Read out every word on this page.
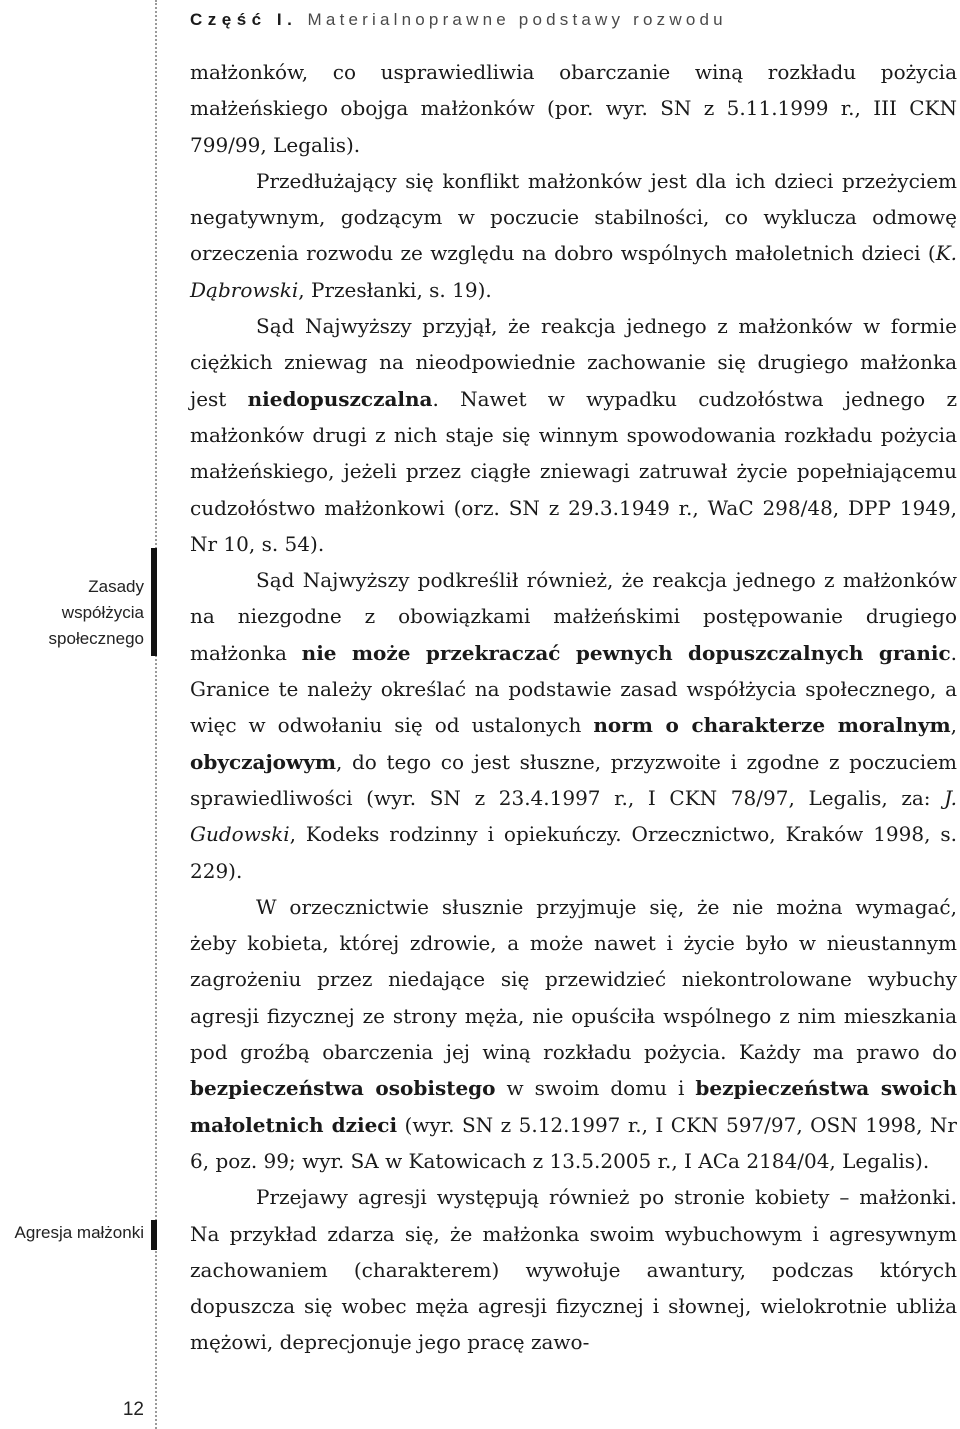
Część I. Materialnoprawne podstawy rozwodu
Zasady
współżycia
społecznego
Agresja małżonki
12

małżonków, co usprawiedliwia obarczanie winą rozkładu pożycia małżeńskiego obojga małżonków (por. wyr. SN z 5.11.1999 r., III CKN 799/99, Legalis).

Przedłużający się konflikt małżonków jest dla ich dzieci przeżyciem negatywnym, godzącym w poczucie stabilności, co wyklucza odmowę orzeczenia rozwodu ze względu na dobro wspólnych małoletnich dzieci (K. Dąbrowski, Przesłanki, s. 19).

Sąd Najwyższy przyjął, że reakcja jednego z małżonków w formie ciężkich zniewag na nieodpowiednie zachowanie się drugiego małżonka jest niedopuszczalna. Nawet w wypadku cudzołóstwa jednego z małżonków drugi z nich staje się winnym spowodowania rozkładu pożycia małżeńskiego, jeżeli przez ciągłe zniewagi zatruwał życie popełniającemu cudzołóstwo małżonkowi (orz. SN z 29.3.1949 r., WaC 298/48, DPP 1949, Nr 10, s. 54).

Sąd Najwyższy podkreślił również, że reakcja jednego z małżonków na niezgodne z obowiązkami małżeńskimi postępowanie drugiego małżonka nie może przekraczać pewnych dopuszczalnych granic. Granice te należy określać na podstawie zasad współżycia społecznego, a więc w odwołaniu się od ustalonych norm o charakterze moralnym, obyczajowym, do tego co jest słuszne, przyzwoite i zgodne z poczuciem sprawiedliwości (wyr. SN z 23.4.1997 r., I CKN 78/97, Legalis, za: J. Gudowski, Kodeks rodzinny i opiekuńczy. Orzecznictwo, Kraków 1998, s. 229).

W orzecznictwie słusznie przyjmuje się, że nie można wymagać, żeby kobieta, której zdrowie, a może nawet i życie było w nieustannym zagrożeniu przez niedające się przewidzieć niekontrolowane wybuchy agresji fizycznej ze strony męża, nie opuściła wspólnego z nim mieszkania pod groźbą obarczenia jej winą rozkładu pożycia. Każdy ma prawo do bezpieczeństwa osobistego w swoim domu i bezpieczeństwa swoich małoletnich dzieci (wyr. SN z 5.12.1997 r., I CKN 597/97, OSN 1998, Nr 6, poz. 99; wyr. SA w Katowicach z 13.5.2005 r., I ACa 2184/04, Legalis).

Przejawy agresji występują również po stronie kobiety – małżonki. Na przykład zdarza się, że małżonka swoim wybuchowym i agresywnym zachowaniem (charakterem) wywołuje awantury, podczas których dopuszcza się wobec męża agresji fizycznej i słownej, wielokrotnie ubliża mężowi, deprecjonuje jego pracę zawo-
